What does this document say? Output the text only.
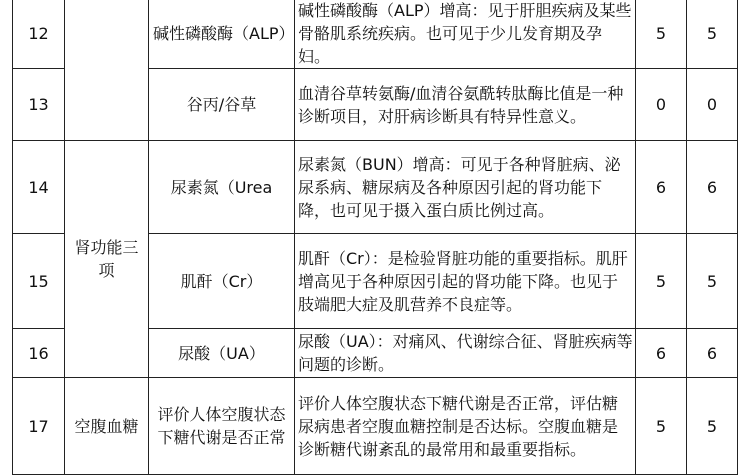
12		碱性磷酸酶（ALP）	碱性磷酸酶（ALP）增高：见于肝胆疾病及某些骨骼肌系统疾病。也可见于少儿发育期及孕妇。	5	5
13		谷丙/谷草	血清谷草转氨酶/血清谷氨酰转肽酶比值是一种诊断项目，对肝病诊断具有特异性意义。	0	0
14	肾功能三项	尿素氮（Urea	尿素氮（BUN）增高：可见于各种肾脏病、泌尿系病、糖尿病及各种原因引起的肾功能下降，也可见于摄入蛋白质比例过高。	6	6
15		肌酐（Cr）	肌酐（Cr）：是检验肾脏功能的重要指标。肌肝增高见于各种原因引起的肾功能下降。也见于肢端肥大症及肌营养不良症等。	5	5
16		尿酸（UA）	尿酸（UA）：对痛风、代谢综合征、肾脏疾病等问题的诊断。	6	6
17	空腹血糖	评价人体空腹状态下糖代谢是否正常	评价人体空腹状态下糖代谢是否正常，评估糖尿病患者空腹血糖控制是否达标。空腹血糖是诊断糖代谢紊乱的最常用和最重要指标。	5	5
